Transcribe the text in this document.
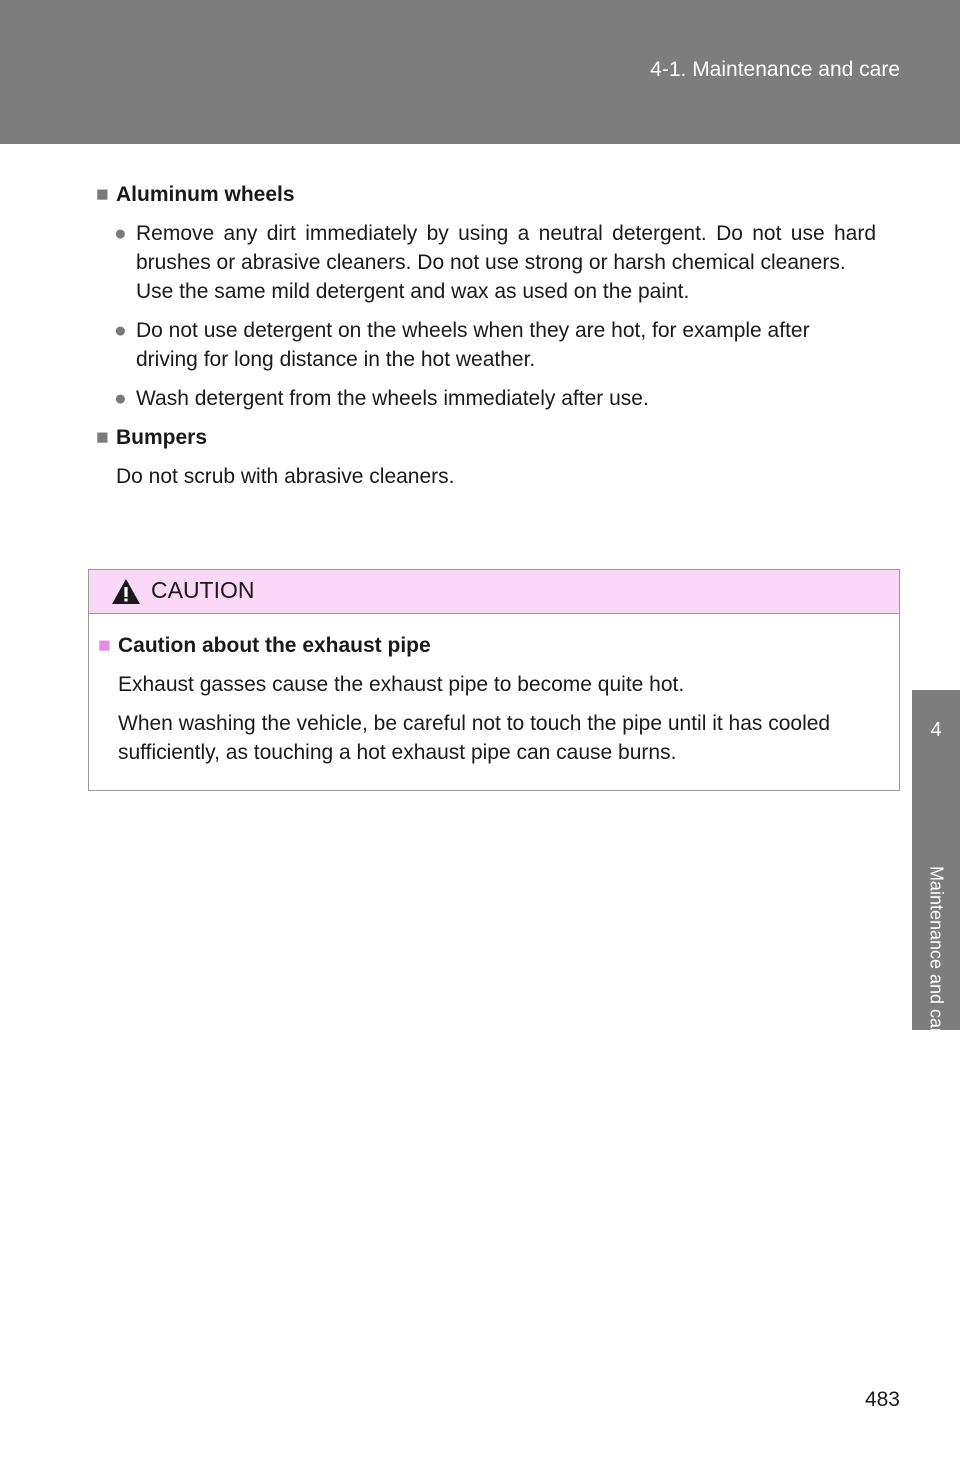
4-1. Maintenance and care
4
Maintenance and care
■ Aluminum wheels
● Remove any dirt immediately by using a neutral detergent. Do not use hard brushes or abrasive cleaners. Do not use strong or harsh chemical cleaners.
Use the same mild detergent and wax as used on the paint.
● Do not use detergent on the wheels when they are hot, for example after driving for long distance in the hot weather.
● Wash detergent from the wheels immediately after use.
■ Bumpers
Do not scrub with abrasive cleaners.
CAUTION
■ Caution about the exhaust pipe
Exhaust gasses cause the exhaust pipe to become quite hot.
When washing the vehicle, be careful not to touch the pipe until it has cooled sufficiently, as touching a hot exhaust pipe can cause burns.
483
